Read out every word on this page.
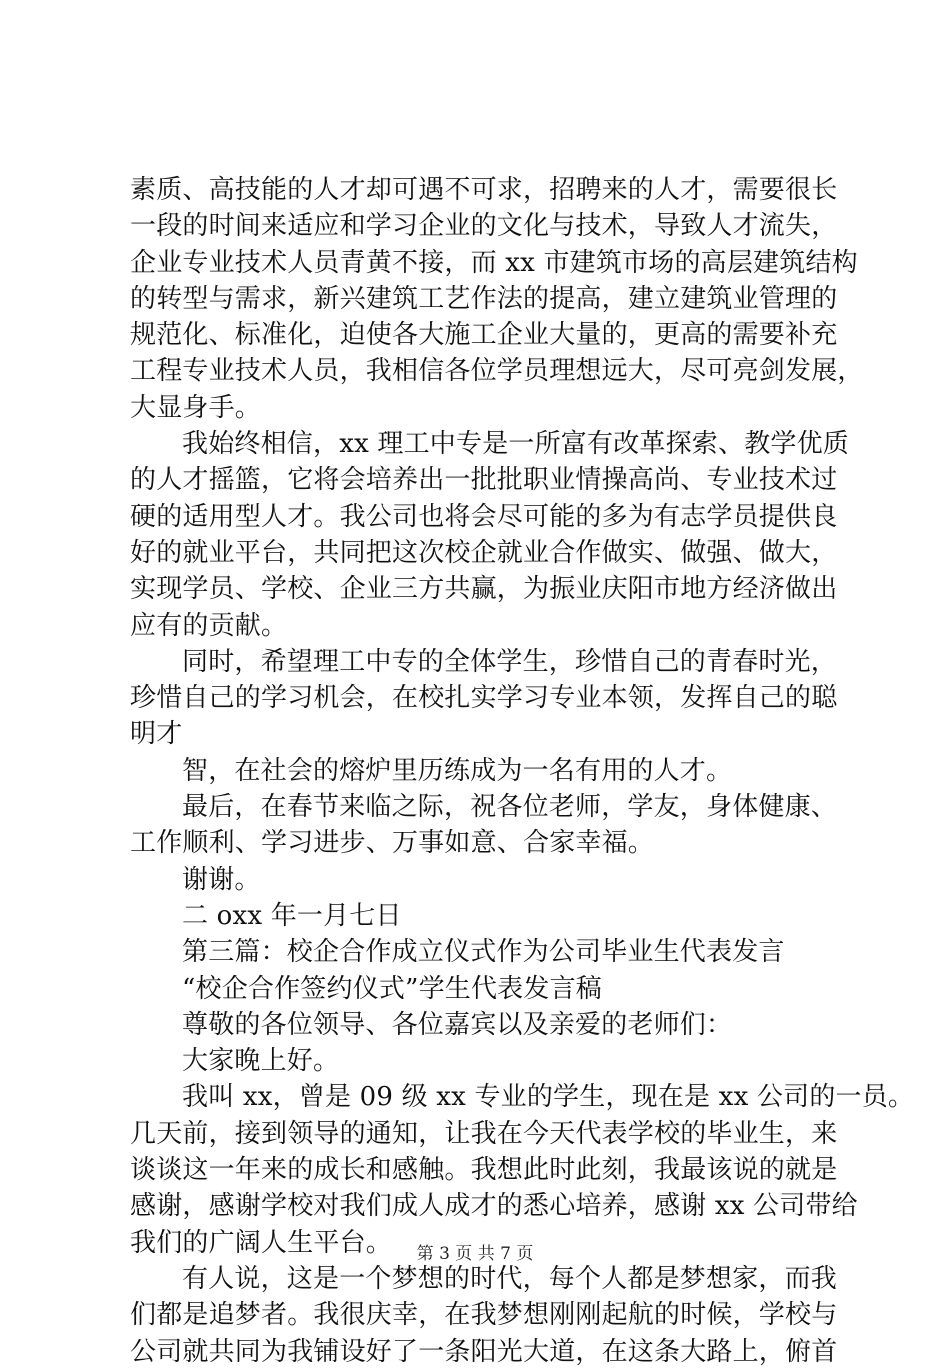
素质、高技能的人才却可遇不可求，招聘来的人才，需要很长
一段的时间来适应和学习企业的文化与技术，导致人才流失，
企业专业技术人员青黄不接，而 xx 市建筑市场的高层建筑结构
的转型与需求，新兴建筑工艺作法的提高，建立建筑业管理的
规范化、标准化，迫使各大施工企业大量的，更高的需要补充
工程专业技术人员，我相信各位学员理想远大，尽可亮剑发展，
大显身手。
我始终相信，xx 理工中专是一所富有改革探索、教学优质
的人才摇篮，它将会培养出一批批职业情操高尚、专业技术过
硬的适用型人才。我公司也将会尽可能的多为有志学员提供良
好的就业平台，共同把这次校企就业合作做实、做强、做大，
实现学员、学校、企业三方共赢，为振业庆阳市地方经济做出
应有的贡献。
同时，希望理工中专的全体学生，珍惜自己的青春时光，
珍惜自己的学习机会，在校扎实学习专业本领，发挥自己的聪
明才
智，在社会的熔炉里历练成为一名有用的人才。
最后，在春节来临之际，祝各位老师，学友，身体健康、
工作顺利、学习进步、万事如意、合家幸福。
谢谢。
二 oxx 年一月七日
第三篇：校企合作成立仪式作为公司毕业生代表发言
“校企合作签约仪式”学生代表发言稿
尊敬的各位领导、各位嘉宾以及亲爱的老师们：
大家晚上好。
我叫 xx，曾是 09 级 xx 专业的学生，现在是 xx 公司的一员。
几天前，接到领导的通知，让我在今天代表学校的毕业生，来
谈谈这一年来的成长和感触。我想此时此刻，我最该说的就是
感谢，感谢学校对我们成人成才的悉心培养，感谢 xx 公司带给
我们的广阔人生平台。
有人说，这是一个梦想的时代，每个人都是梦想家，而我
们都是追梦者。我很庆幸，在我梦想刚刚起航的时候，学校与
公司就共同为我铺设好了一条阳光大道，在这条大路上，俯首
第 3 页 共 7 页
